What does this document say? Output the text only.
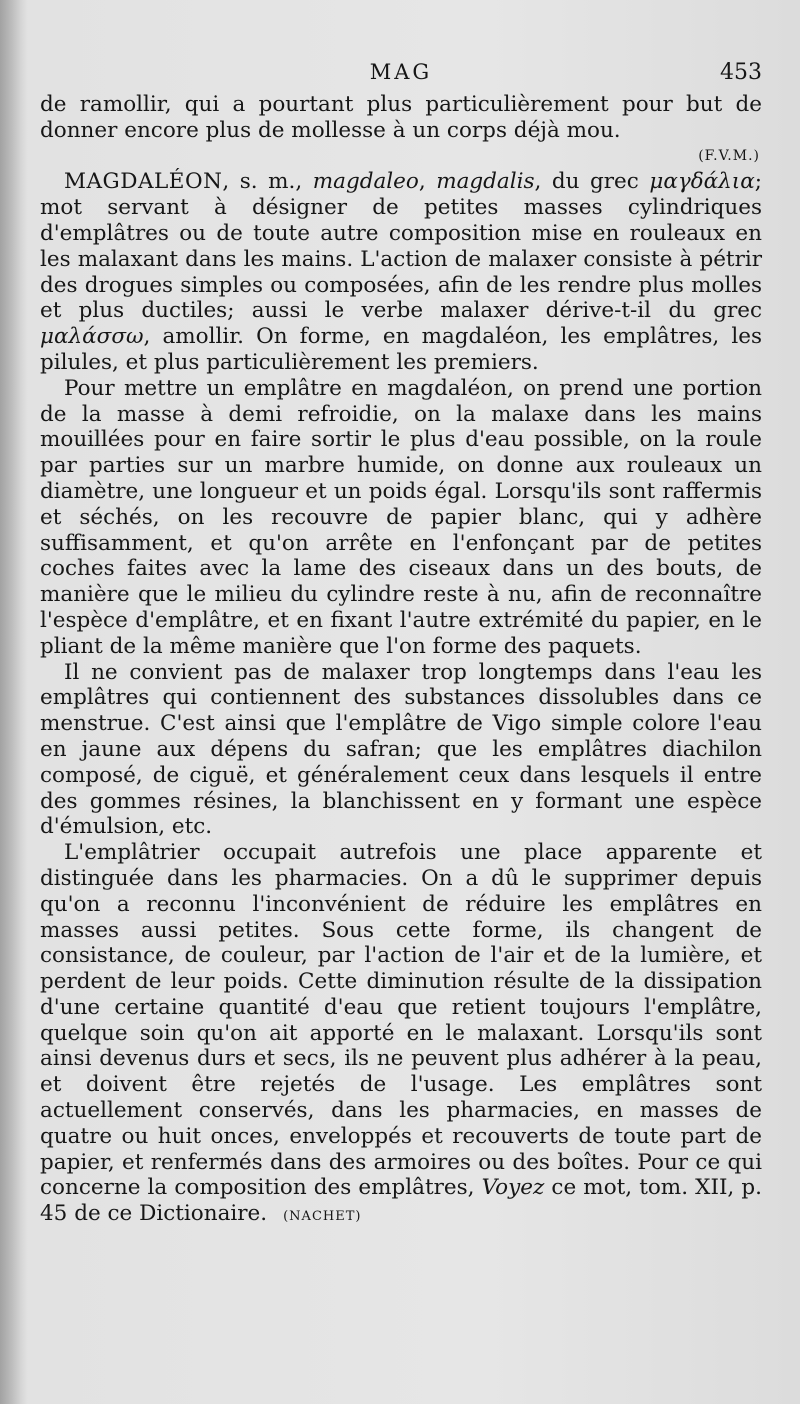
MAG	453

de ramollir, qui a pourtant plus particulièrement pour but de donner encore plus de mollesse à un corps déjà mou.

(F.V.M.)

MAGDALÉON, s. m., magdaleo, magdalis, du grec μαγδάλια; mot servant à désigner de petites masses cylindriques d'emplâtres ou de toute autre composition mise en rouleaux en les malaxant dans les mains. L'action de malaxer consiste à pétrir des drogues simples ou composées, afin de les rendre plus molles et plus ductiles; aussi le verbe malaxer dérive-t-il du grec μαλάσσω, amollir. On forme, en magdaléon, les emplâtres, les pilules, et plus particulièrement les premiers.

Pour mettre un emplâtre en magdaléon, on prend une portion de la masse à demi refroidie, on la malaxe dans les mains mouillées pour en faire sortir le plus d'eau possible, on la roule par parties sur un marbre humide, on donne aux rouleaux un diamètre, une longueur et un poids égal. Lorsqu'ils sont raffermis et séchés, on les recouvre de papier blanc, qui y adhère suffisamment, et qu'on arrête en l'enfonçant par de petites coches faites avec la lame des ciseaux dans un des bouts, de manière que le milieu du cylindre reste à nu, afin de reconnaître l'espèce d'emplâtre, et en fixant l'autre extrémité du papier, en le pliant de la même manière que l'on forme des paquets.

Il ne convient pas de malaxer trop longtemps dans l'eau les emplâtres qui contiennent des substances dissolubles dans ce menstrue. C'est ainsi que l'emplâtre de Vigo simple colore l'eau en jaune aux dépens du safran; que les emplâtres diachilon composé, de ciguë, et généralement ceux dans lesquels il entre des gommes résines, la blanchissent en y formant une espèce d'émulsion, etc.

L'emplâtrier occupait autrefois une place apparente et distinguée dans les pharmacies. On a dû le supprimer depuis qu'on a reconnu l'inconvénient de réduire les emplâtres en masses aussi petites. Sous cette forme, ils changent de consistance, de couleur, par l'action de l'air et de la lumière, et perdent de leur poids. Cette diminution résulte de la dissipation d'une certaine quantité d'eau que retient toujours l'emplâtre, quelque soin qu'on ait apporté en le malaxant. Lorsqu'ils sont ainsi devenus durs et secs, ils ne peuvent plus adhérer à la peau, et doivent être rejetés de l'usage. Les emplâtres sont actuellement conservés, dans les pharmacies, en masses de quatre ou huit onces, enveloppés et recouverts de toute part de papier, et renfermés dans des armoires ou des boîtes. Pour ce qui concerne la composition des emplâtres, Voyez ce mot, tom. XII, p. 45 de ce Dictionaire. (NACHET)
